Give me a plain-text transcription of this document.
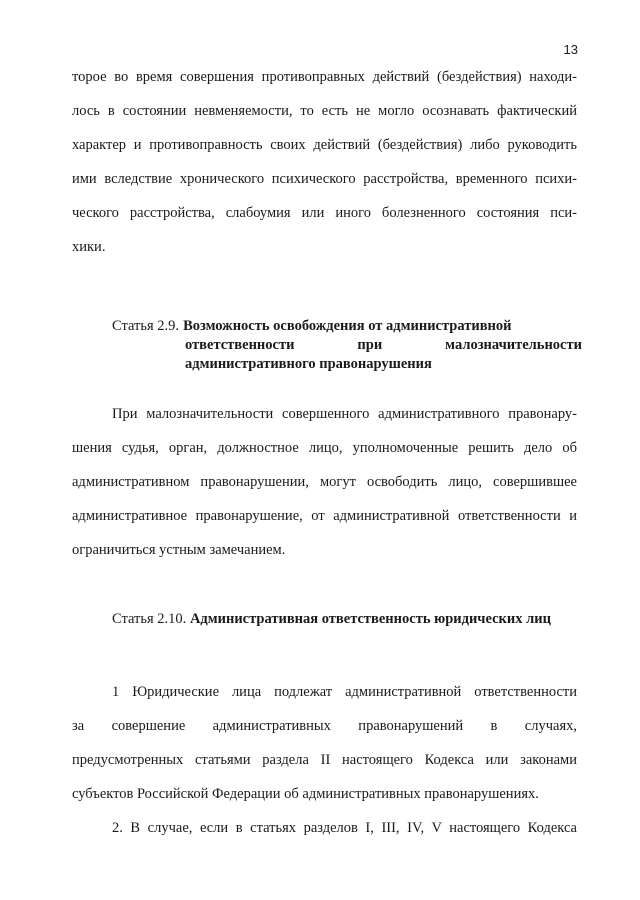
13
торое во время совершения противоправных действий (бездействия) находи-
лось в состоянии невменяемости, то есть не могло осознавать фактический
характер и противоправность своих действий (бездействия) либо руководить
ими вследствие хронического психического расстройства, временного психи-
ческого расстройства, слабоумия или иного болезненного состояния пси-
хики.
Статья 2.9. Возможность освобождения от административной
ответственности	при	малозначительности
административного правонарушения
При малозначительности совершенного административного правонару-
шения судья, орган, должностное лицо, уполномоченные решить дело об
административном правонарушении, могут освободить лицо, совершившее
административное правонарушение, от административной ответственности и
ограничиться устным замечанием.
Статья 2.10. Административная ответственность юридических лиц
1 Юридические лица подлежат административной ответственности
за совершение административных правонарушений в случаях,
предусмотренных статьями раздела II настоящего Кодекса или законами
субъектов Российской Федерации об административных правонарушениях.
2. В случае, если в статьях разделов I, III, IV, V настоящего Кодекса
